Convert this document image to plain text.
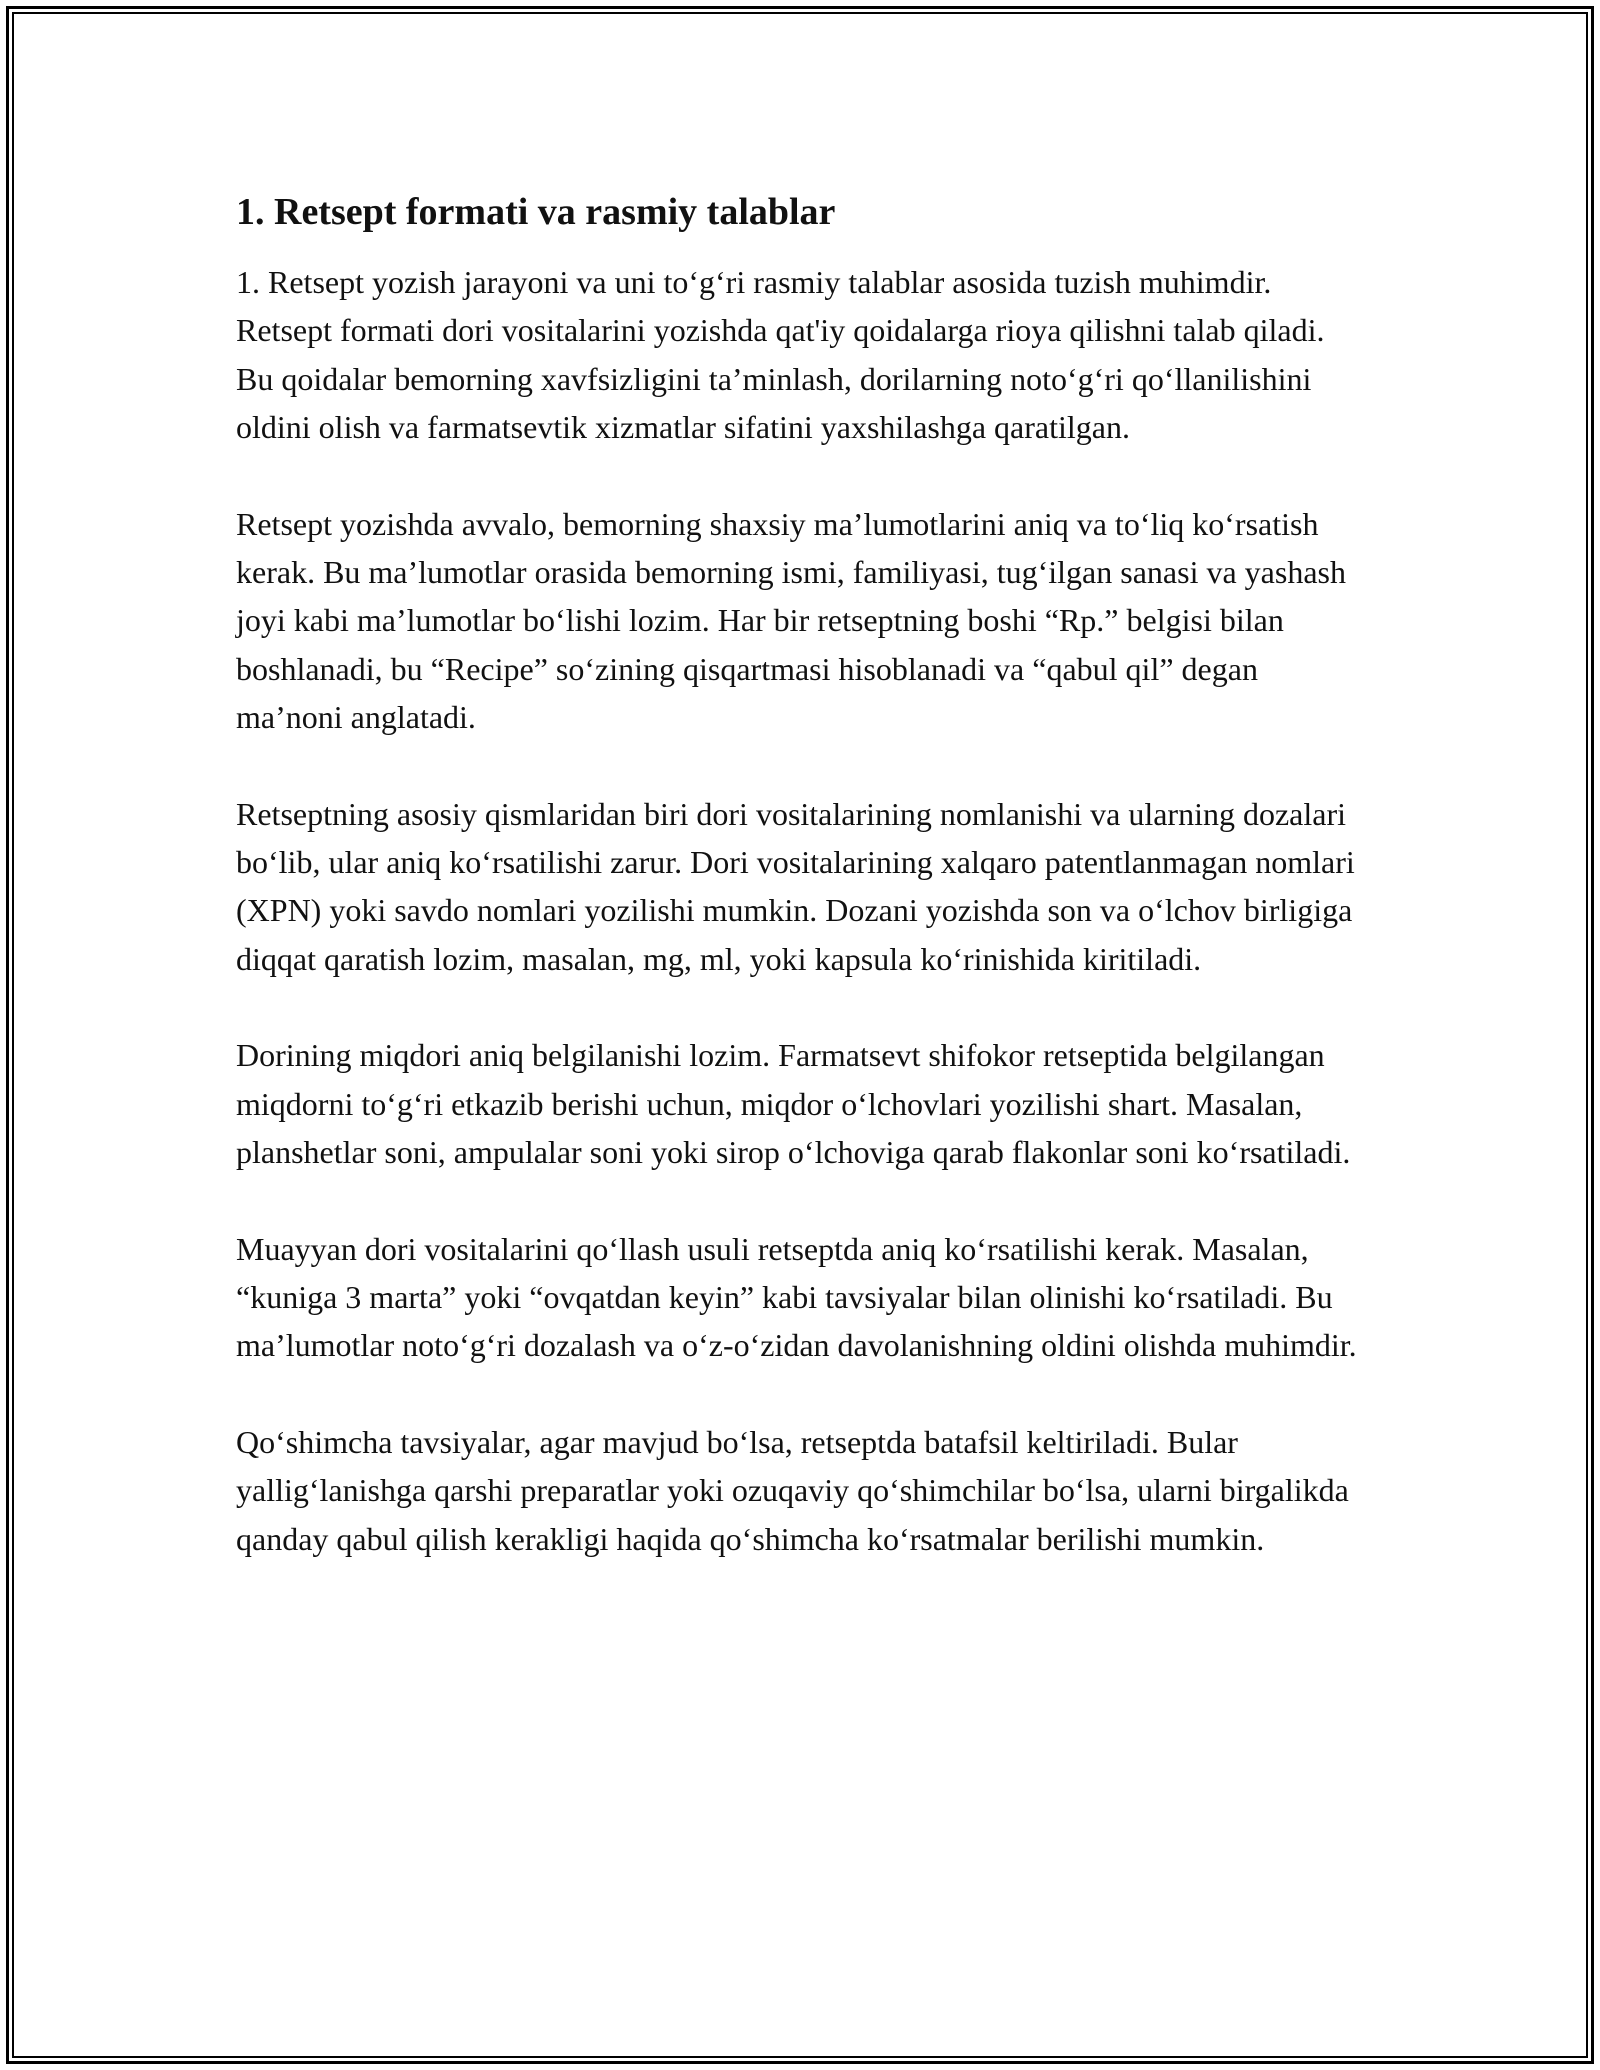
1. Retsept formati va rasmiy talablar

1. Retsept yozish jarayoni va uni to‘g‘ri rasmiy talablar asosida tuzish muhimdir. Retsept formati dori vositalarini yozishda qat'iy qoidalarga rioya qilishni talab qiladi. Bu qoidalar bemorning xavfsizligini ta’minlash, dorilarning noto‘g‘ri qo‘llanilishini oldini olish va farmatsevtik xizmatlar sifatini yaxshilashga qaratilgan.

Retsept yozishda avvalo, bemorning shaxsiy ma’lumotlarini aniq va to‘liq ko‘rsatish kerak. Bu ma’lumotlar orasida bemorning ismi, familiyasi, tug‘ilgan sanasi va yashash joyi kabi ma’lumotlar bo‘lishi lozim. Har bir retseptning boshi “Rp.” belgisi bilan boshlanadi, bu “Recipe” so‘zining qisqartmasi hisoblanadi va “qabul qil” degan ma’noni anglatadi.

Retseptning asosiy qismlaridan biri dori vositalarining nomlanishi va ularning dozalari bo‘lib, ular aniq ko‘rsatilishi zarur. Dori vositalarining xalqaro patentlanmagan nomlari (XPN) yoki savdo nomlari yozilishi mumkin. Dozani yozishda son va o‘lchov birligiga diqqat qaratish lozim, masalan, mg, ml, yoki kapsula ko‘rinishida kiritiladi.

Dorining miqdori aniq belgilanishi lozim. Farmatsevt shifokor retseptida belgilangan miqdorni to‘g‘ri etkazib berishi uchun, miqdor o‘lchovlari yozilishi shart. Masalan, planshetlar soni, ampulalar soni yoki sirop o‘lchoviga qarab flakonlar soni ko‘rsatiladi.

Muayyan dori vositalarini qo‘llash usuli retseptda aniq ko‘rsatilishi kerak. Masalan, “kuniga 3 marta” yoki “ovqatdan keyin” kabi tavsiyalar bilan olinishi ko‘rsatiladi. Bu ma’lumotlar noto‘g‘ri dozalash va o‘z-o‘zidan davolanishning oldini olishda muhimdir.

Qo‘shimcha tavsiyalar, agar mavjud bo‘lsa, retseptda batafsil keltiriladi. Bular yallig‘lanishga qarshi preparatlar yoki ozuqaviy qo‘shimchilar bo‘lsa, ularni birgalikda qanday qabul qilish kerakligi haqida qo‘shimcha ko‘rsatmalar berilishi mumkin.
